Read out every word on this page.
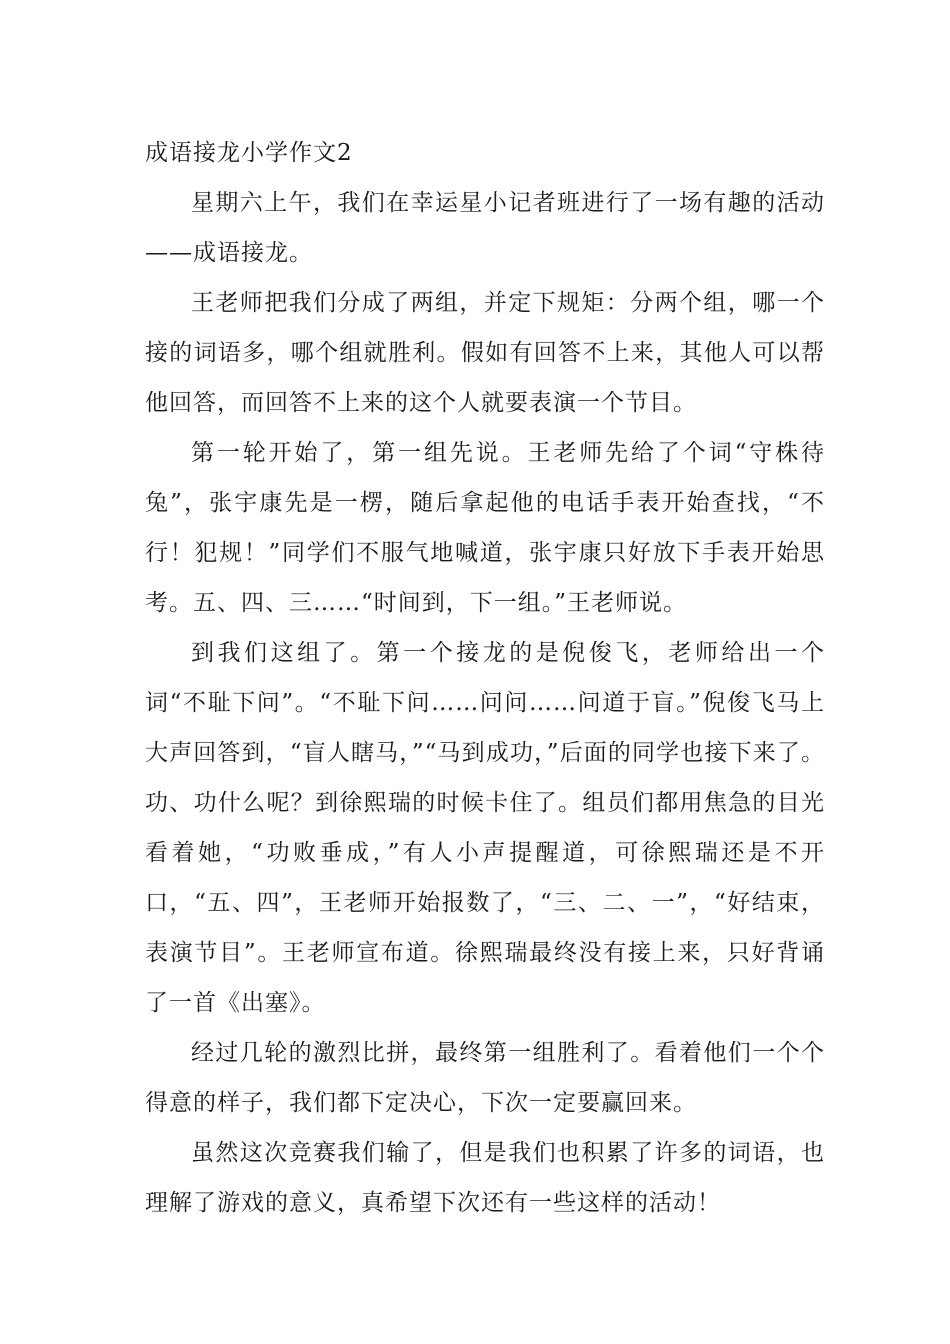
成语接龙小学作文2

星期六上午，我们在幸运星小记者班进行了一场有趣的活动——成语接龙。

王老师把我们分成了两组，并定下规矩：分两个组，哪一个接的词语多，哪个组就胜利。假如有回答不上来，其他人可以帮他回答，而回答不上来的这个人就要表演一个节目。

第一轮开始了，第一组先说。王老师先给了个词“守株待兔”，张宇康先是一楞，随后拿起他的电话手表开始查找，“不行！犯规！”同学们不服气地喊道，张宇康只好放下手表开始思考。五、四、三……“时间到，下一组。”王老师说。

到我们这组了。第一个接龙的是倪俊飞，老师给出一个词“不耻下问”。“不耻下问……问问……问道于盲。”倪俊飞马上大声回答到，“盲人瞎马，”“马到成功，”后面的同学也接下来了。功、功什么呢？到徐熙瑞的时候卡住了。组员们都用焦急的目光看着她，“功败垂成，”有人小声提醒道，可徐熙瑞还是不开口，“五、四”，王老师开始报数了，“三、二、一”，“好结束，表演节目”。王老师宣布道。徐熙瑞最终没有接上来，只好背诵了一首《出塞》。

经过几轮的激烈比拼，最终第一组胜利了。看着他们一个个得意的样子，我们都下定决心，下次一定要赢回来。

虽然这次竞赛我们输了，但是我们也积累了许多的词语，也理解了游戏的意义，真希望下次还有一些这样的活动！
